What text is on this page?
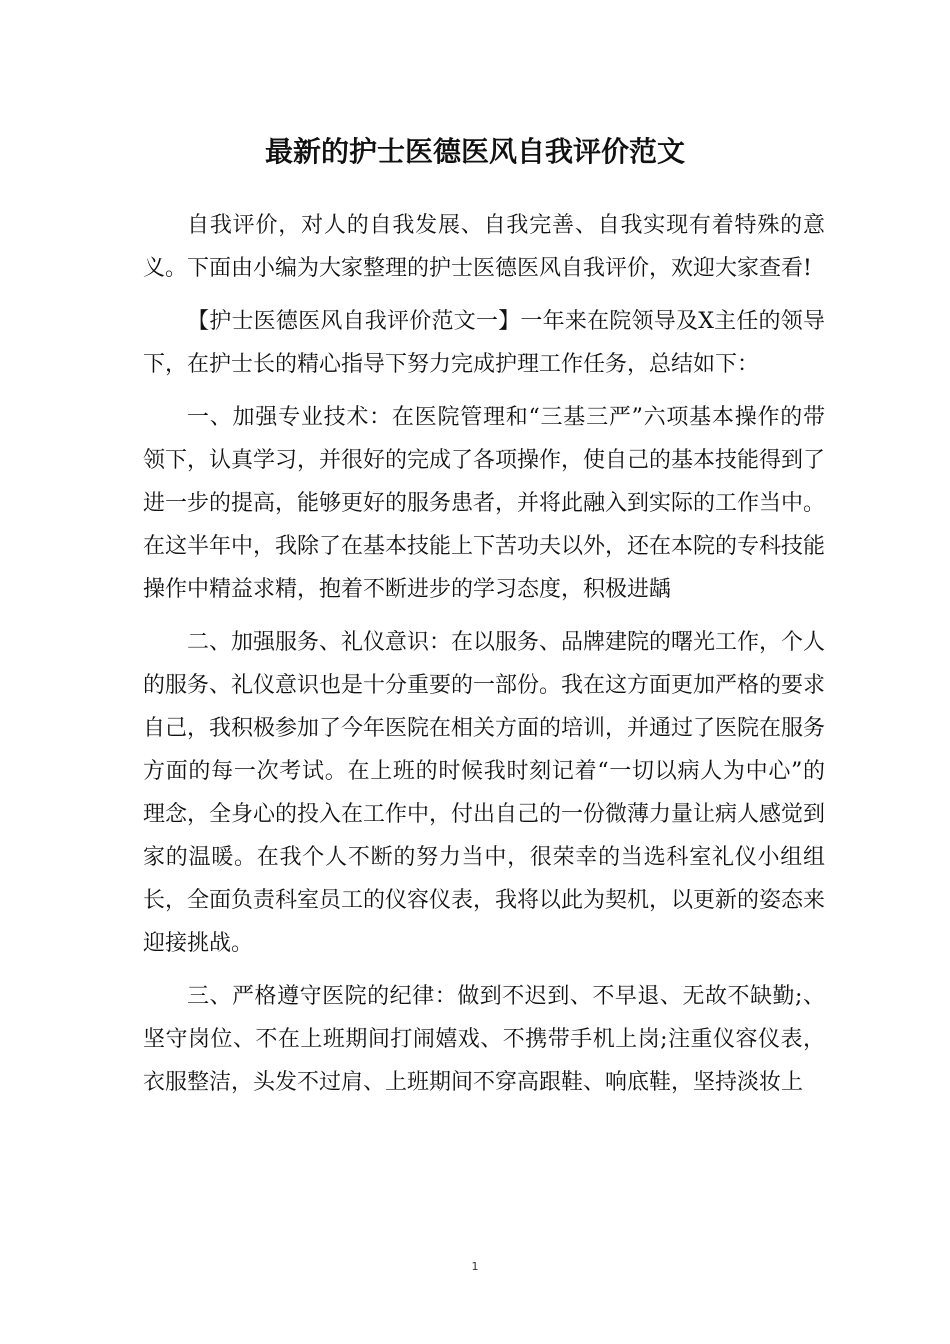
最新的护士医德医风自我评价范文

自我评价，对人的自我发展、自我完善、自我实现有着特殊的意义。下面由小编为大家整理的护士医德医风自我评价，欢迎大家查看!

【护士医德医风自我评价范文一】一年来在院领导及X主任的领导下，在护士长的精心指导下努力完成护理工作任务，总结如下：

一、加强专业技术：在医院管理和“三基三严”六项基本操作的带领下，认真学习，并很好的完成了各项操作，使自己的基本技能得到了进一步的提高，能够更好的服务患者，并将此融入到实际的工作当中。在这半年中，我除了在基本技能上下苦功夫以外，还在本院的专科技能操作中精益求精，抱着不断进步的学习态度，积极进龋

二、加强服务、礼仪意识：在以服务、品牌建院的曙光工作，个人的服务、礼仪意识也是十分重要的一部份。我在这方面更加严格的要求自己，我积极参加了今年医院在相关方面的培训，并通过了医院在服务方面的每一次考试。在上班的时候我时刻记着“一切以病人为中心”的理念，全身心的投入在工作中，付出自己的一份微薄力量让病人感觉到家的温暖。在我个人不断的努力当中，很荣幸的当选科室礼仪小组组长，全面负责科室员工的仪容仪表，我将以此为契机，以更新的姿态来迎接挑战。

三、严格遵守医院的纪律：做到不迟到、不早退、无故不缺勤;、坚守岗位、不在上班期间打闹嬉戏、不携带手机上岗;注重仪容仪表，衣服整洁，头发不过肩、上班期间不穿高跟鞋、响底鞋，坚持淡妆上

1
